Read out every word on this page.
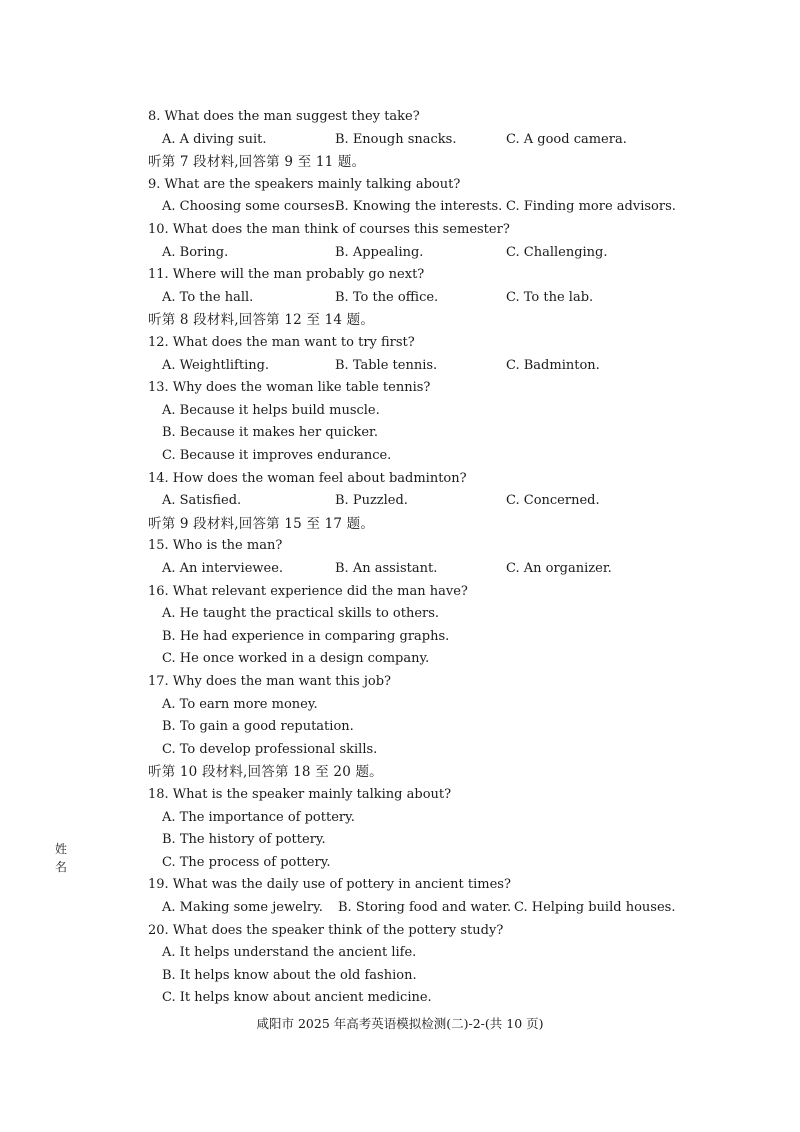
8. What does the man suggest they take?
A. A diving suit.	B. Enough snacks.	C. A good camera.
听第 7 段材料,回答第 9 至 11 题。
9. What are the speakers mainly talking about?
A. Choosing some courses.
B. Knowing the interests. C. Finding more advisors.
10. What does the man think of courses this semester?
A. Boring.	B. Appealing.	C. Challenging.
11. Where will the man probably go next?
A. To the hall.	B. To the office.	C. To the lab.
听第 8 段材料,回答第 12 至 14 题。
12. What does the man want to try first?
A. Weightlifting.	B. Table tennis.	C. Badminton.
13. Why does the woman like table tennis?
A. Because it helps build muscle.
B. Because it makes her quicker.
C. Because it improves endurance.
14. How does the woman feel about badminton?
A. Satisfied.	B. Puzzled.	C. Concerned.
听第 9 段材料,回答第 15 至 17 题。
15. Who is the man?
A. An interviewee.	B. An assistant.	C. An organizer.
16. What relevant experience did the man have?
A. He taught the practical skills to others.
B. He had experience in comparing graphs.
C. He once worked in a design company.
17. Why does the man want this job?
A. To earn more money.
B. To gain a good reputation.
C. To develop professional skills.
听第 10 段材料,回答第 18 至 20 题。
18. What is the speaker mainly talking about?
A. The importance of pottery.
B. The history of pottery.
C. The process of pottery.
19. What was the daily use of pottery in ancient times?
A. Making some jewelry. B. Storing food and water. C. Helping build houses.
20. What does the speaker think of the pottery study?
A. It helps understand the ancient life.
B. It helps know about the old fashion.
C. It helps know about ancient medicine.
姓
名
咸阳市 2025 年高考英语模拟检测(二)-2-(共 10 页)
